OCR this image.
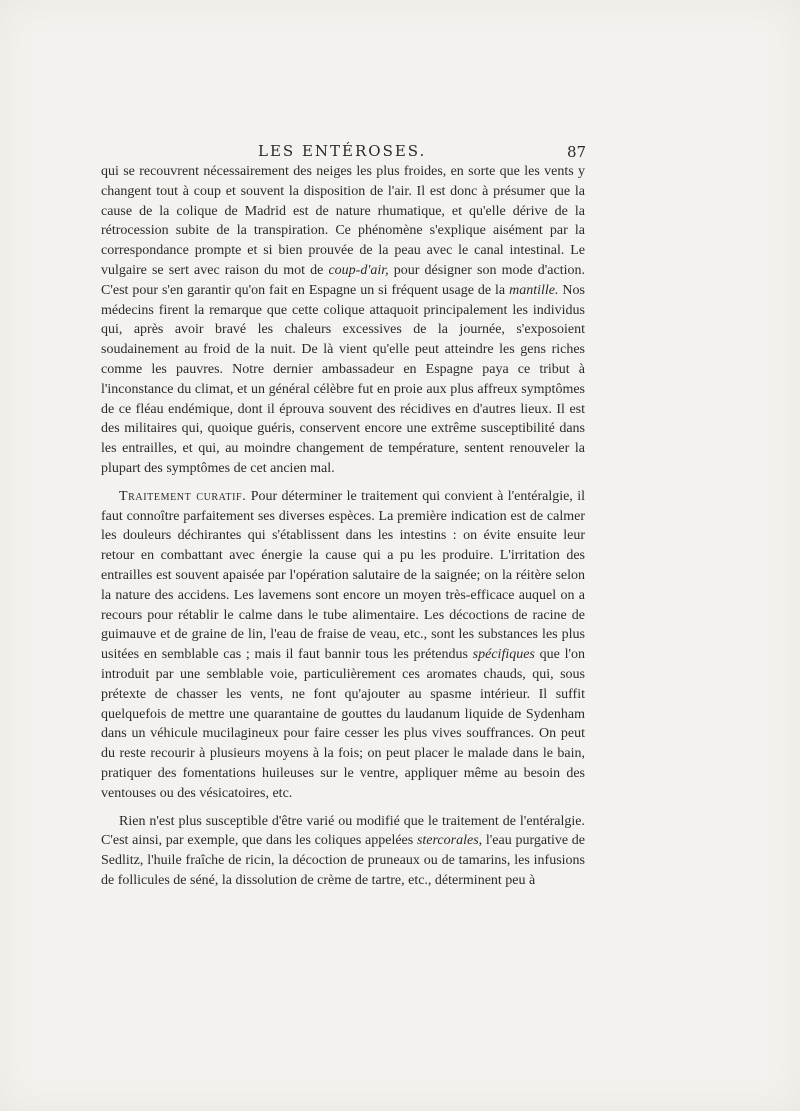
LES ENTÉROSES.	87

qui se recouvrent nécessairement des neiges les plus froides, en sorte que les vents y changent tout à coup et souvent la disposition de l'air. Il est donc à présumer que la cause de la colique de Madrid est de nature rhumatique, et qu'elle dérive de la rétrocession subite de la transpiration. Ce phénomène s'explique aisément par la correspondance prompte et si bien prouvée de la peau avec le canal intestinal. Le vulgaire se sert avec raison du mot de coup-d'air, pour désigner son mode d'action. C'est pour s'en garantir qu'on fait en Espagne un si fréquent usage de la mantille. Nos médecins firent la remarque que cette colique attaquoit principalement les individus qui, après avoir bravé les chaleurs excessives de la journée, s'exposoient soudainement au froid de la nuit. De là vient qu'elle peut atteindre les gens riches comme les pauvres. Notre dernier ambassadeur en Espagne paya ce tribut à l'inconstance du climat, et un général célèbre fut en proie aux plus affreux symptômes de ce fléau endémique, dont il éprouva souvent des récidives en d'autres lieux. Il est des militaires qui, quoique guéris, conservent encore une extrême susceptibilité dans les entrailles, et qui, au moindre changement de température, sentent renouveler la plupart des symptômes de cet ancien mal.

Traitement curatif. Pour déterminer le traitement qui convient à l'entéralgie, il faut connoître parfaitement ses diverses espèces. La première indication est de calmer les douleurs déchirantes qui s'établissent dans les intestins : on évite ensuite leur retour en combattant avec énergie la cause qui a pu les produire. L'irritation des entrailles est souvent apaisée par l'opération salutaire de la saignée; on la réitère selon la nature des accidens. Les lavemens sont encore un moyen très-efficace auquel on a recours pour rétablir le calme dans le tube alimentaire. Les décoctions de racine de guimauve et de graine de lin, l'eau de fraise de veau, etc., sont les substances les plus usitées en semblable cas ; mais il faut bannir tous les prétendus spécifiques que l'on introduit par une semblable voie, particulièrement ces aromates chauds, qui, sous prétexte de chasser les vents, ne font qu'ajouter au spasme intérieur. Il suffit quelquefois de mettre une quarantaine de gouttes du laudanum liquide de Sydenham dans un véhicule mucilagineux pour faire cesser les plus vives souffrances. On peut du reste recourir à plusieurs moyens à la fois; on peut placer le malade dans le bain, pratiquer des fomentations huileuses sur le ventre, appliquer même au besoin des ventouses ou des vésicatoires, etc.

Rien n'est plus susceptible d'être varié ou modifié que le traitement de l'entéralgie. C'est ainsi, par exemple, que dans les coliques appelées stercorales, l'eau purgative de Sedlitz, l'huile fraîche de ricin, la décoction de pruneaux ou de tamarins, les infusions de follicules de séné, la dissolution de crème de tartre, etc., déterminent peu à
